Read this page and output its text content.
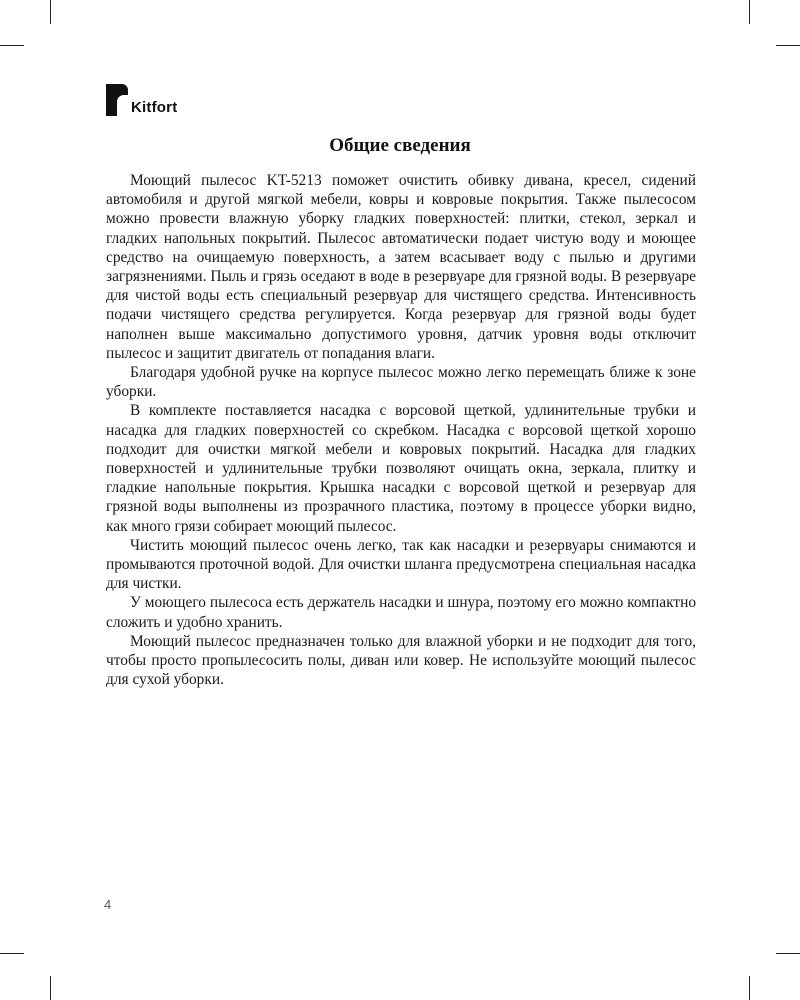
Kitfort
Общие сведения

Моющий пылесос KT-5213 поможет очистить обивку дивана, кресел, сидений автомобиля и другой мягкой мебели, ковры и ковровые покрытия. Также пылесосом можно провести влажную уборку гладких поверхностей: плитки, стекол, зеркал и гладких напольных покрытий. Пылесос автоматически подает чистую воду и моющее средство на очищаемую поверхность, а затем всасывает воду с пылью и другими загрязнениями. Пыль и грязь оседают в воде в резервуаре для грязной воды. В резервуаре для чистой воды есть специальный резервуар для чистящего средства. Интенсивность подачи чистящего средства регулируется. Когда резервуар для грязной воды будет наполнен выше максимально допустимого уровня, датчик уровня воды отключит пылесос и защитит двигатель от попадания влаги.

Благодаря удобной ручке на корпусе пылесос можно легко перемещать ближе к зоне уборки.

В комплекте поставляется насадка с ворсовой щеткой, удлинительные трубки и насадка для гладких поверхностей со скребком. Насадка с ворсовой щеткой хорошо подходит для очистки мягкой мебели и ковровых покрытий. Насадка для гладких поверхностей и удлинительные трубки позволяют очищать окна, зеркала, плитку и гладкие напольные покрытия. Крышка насадки с ворсовой щеткой и резервуар для грязной воды выполнены из прозрачного пластика, поэтому в процессе уборки видно, как много грязи собирает моющий пылесос.

Чистить моющий пылесос очень легко, так как насадки и резервуары снимаются и промываются проточной водой. Для очистки шланга предусмотрена специальная насадка для чистки.

У моющего пылесоса есть держатель насадки и шнура, поэтому его можно компактно сложить и удобно хранить.

Моющий пылесос предназначен только для влажной уборки и не подходит для того, чтобы просто пропылесосить полы, диван или ковер. Не используйте моющий пылесос для сухой уборки.

4
